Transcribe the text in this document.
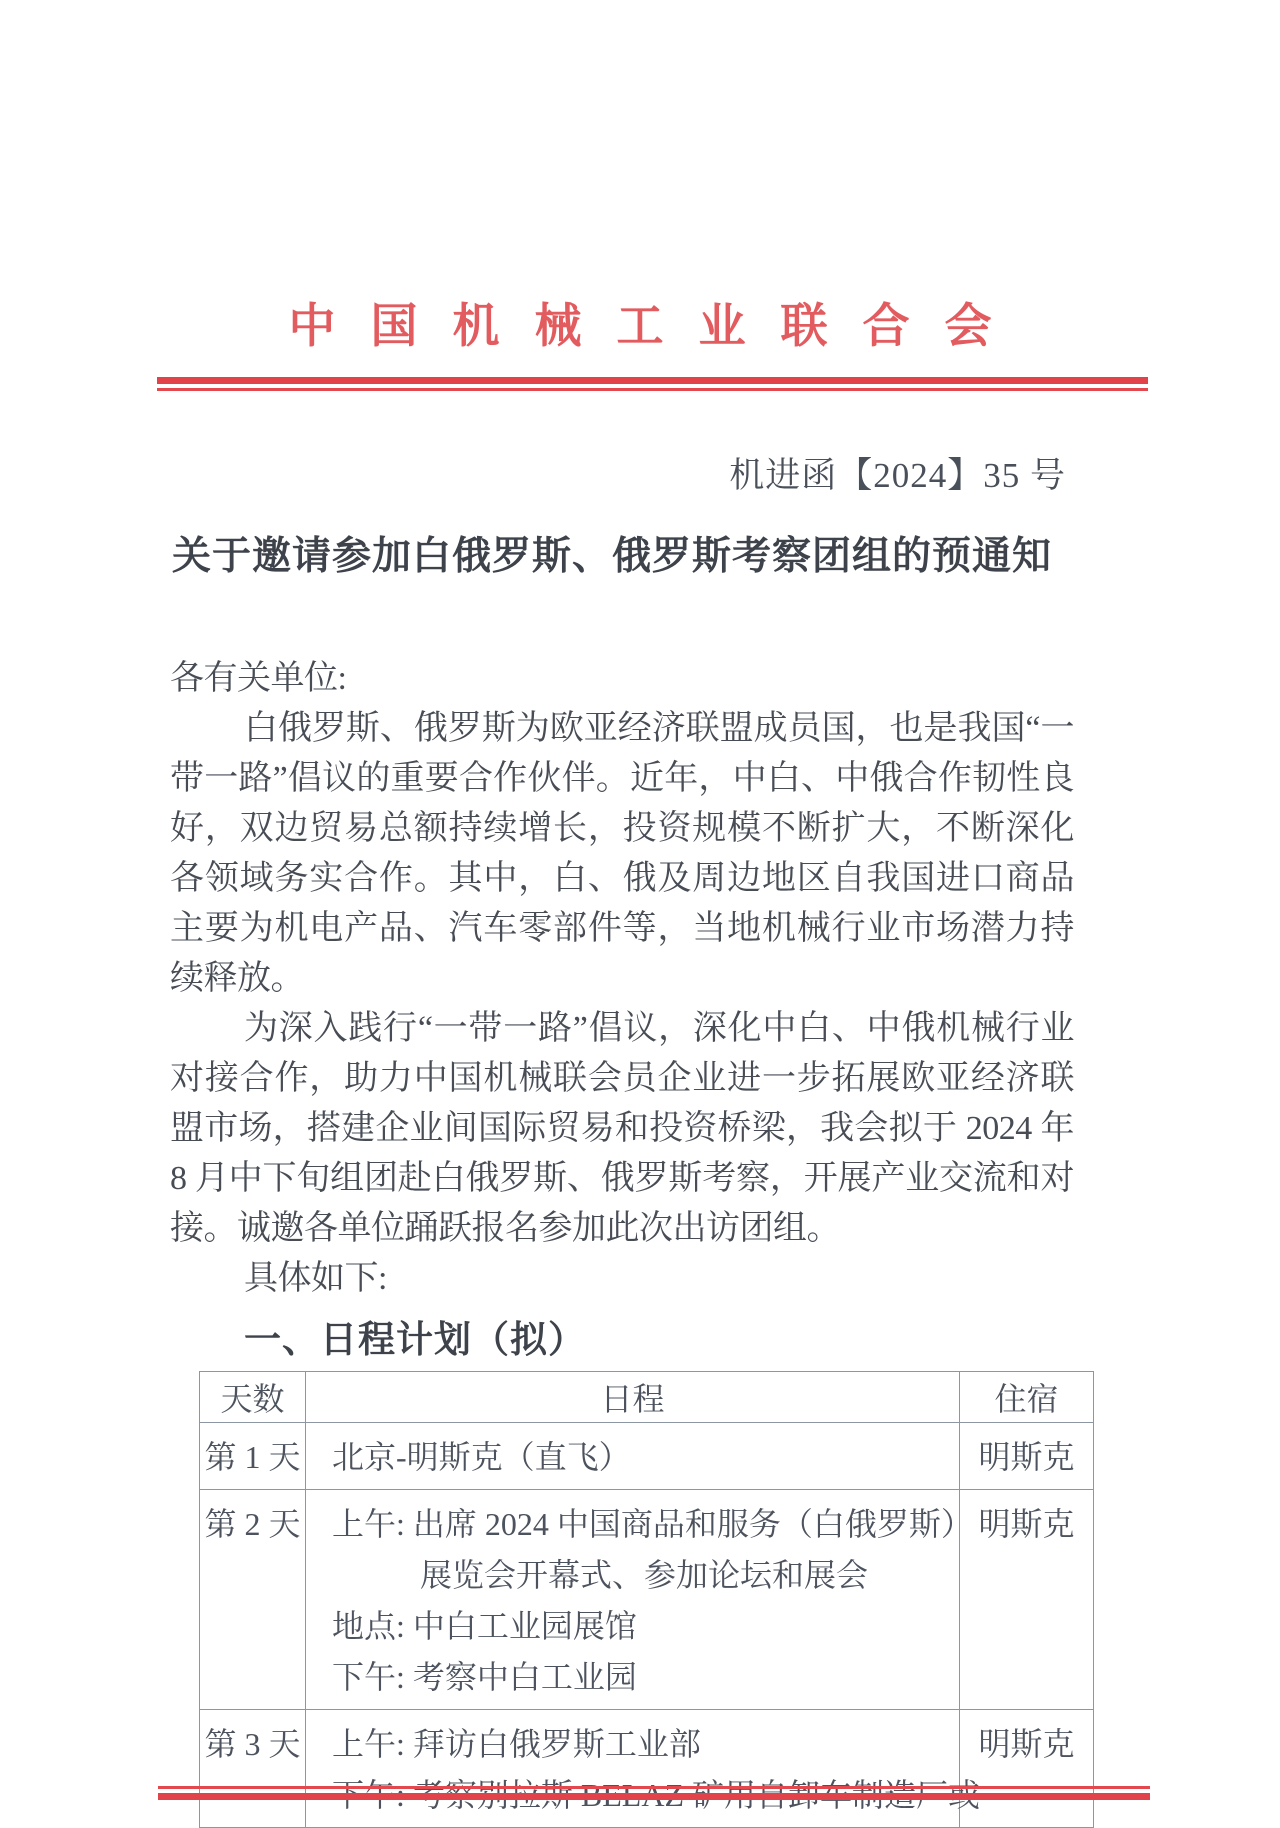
中国机械工业联合会
机进函【2024】35 号
关于邀请参加白俄罗斯、俄罗斯考察团组的预通知

各有关单位:

白俄罗斯、俄罗斯为欧亚经济联盟成员国，也是我国“一带一路”倡议的重要合作伙伴。近年，中白、中俄合作韧性良好，双边贸易总额持续增长，投资规模不断扩大，不断深化各领域务实合作。其中，白、俄及周边地区自我国进口商品主要为机电产品、汽车零部件等，当地机械行业市场潜力持续释放。

为深入践行“一带一路”倡议，深化中白、中俄机械行业对接合作，助力中国机械联会员企业进一步拓展欧亚经济联盟市场，搭建企业间国际贸易和投资桥梁，我会拟于 2024 年 8 月中下旬组团赴白俄罗斯、俄罗斯考察，开展产业交流和对接。诚邀各单位踊跃报名参加此次出访团组。

具体如下:

一、日程计划（拟）
天数	日程	住宿
第 1 天	北京-明斯克（直飞）	明斯克
第 2 天	上午: 出席 2024 中国商品和服务（白俄罗斯）
展览会开幕式、参加论坛和展会
地点: 中白工业园展馆
下午: 考察中白工业园	明斯克
第 3 天	上午: 拜访白俄罗斯工业部	明斯克
